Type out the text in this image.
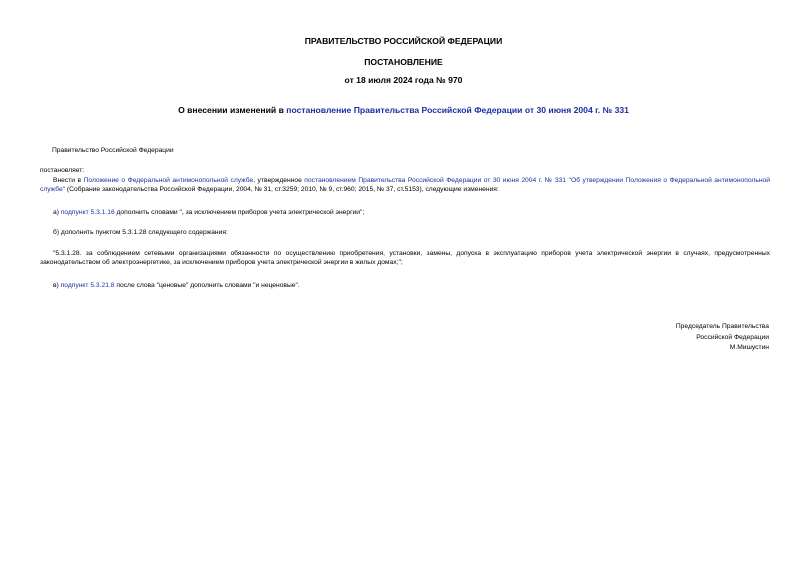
ПРАВИТЕЛЬСТВО РОССИЙСКОЙ ФЕДЕРАЦИИ
ПОСТАНОВЛЕНИЕ
от 18 июля 2024 года № 970
О внесении изменений в постановление Правительства Российской Федерации от 30 июня 2004 г. № 331
Правительство Российской Федерации
постановляет:
Внести в Положение о Федеральной антимонопольной службе, утвержденное постановлением Правительства Российской Федерации от 30 июня 2004 г. № 331 "Об утверждении Положения о Федеральной антимонопольной службе" (Собрание законодательства Российской Федерации, 2004, № 31, ст.3259; 2010, № 9, ст.960; 2015, № 37, ст.5153), следующие изменения:
а) подпункт 5.3.1.16 дополнить словами ", за исключением приборов учета электрической энергии";
б) дополнить пунктом 5.3.1.28 следующего содержания:
"5.3.1.28. за соблюдением сетевыми организациями обязанности по осуществлению приобретения, установки, замены, допуска в эксплуатацию приборов учета электрической энергии в случаях, предусмотренных законодательством об электроэнергетике, за исключением приборов учета электрической энергии в жилых домах;";
в) подпункт 5.3.21.8 после слова "ценовые" дополнить словами "и неценовые".
Председатель Правительства
Российской Федерации
М.Мишустин
